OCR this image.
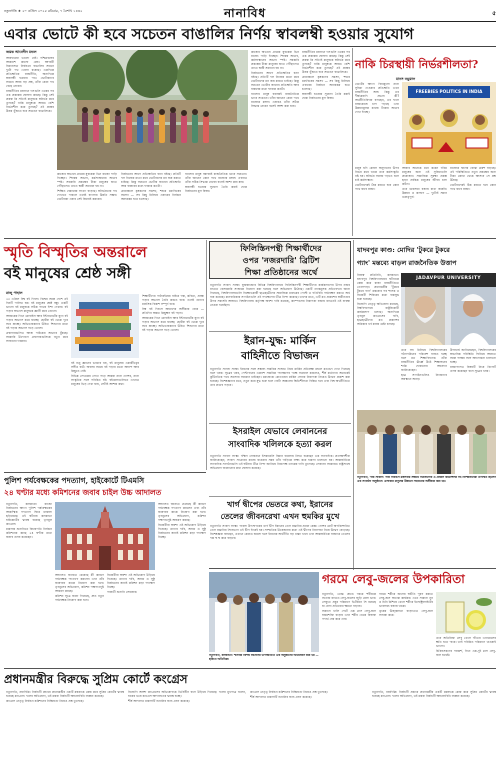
নতুনগতি ★ ২০ এপ্রিল ২০২৫ রবিবার, ৭ বৈশাখ ১৪৩২	নানাবিধ	৫
এবার ভোটে কী হবে সচেতন বাঙালির নির্ণয় স্বাবলম্বী হওয়ার সুযোগ
জয়ন্ত আবেদীন মন্ডল

আবহাওয়া ভালো নেই। পশ্চিমবঙ্গের আকাশে কালো মেঘ। আগামী বিধানসভা নির্বাচনে বাঙালির সামনে দুটো পথ খোলা রয়েছে। একদিকে প্রতিশ্রুতির রাজনীতি, অন্যদিকে স্বাবলম্বী হওয়ার পথ। ভোটারদের সামনে আজ বড় প্রশ্ন, তাঁরা কোন পথ বেছে নেবেন।

রাজনীতির ময়দানে দলগুলি একের পর এক প্রকল্পের ঘোষণা করছে। কিন্তু সেই প্রকল্প কি সত্যিই মানুষকে স্বনির্ভর করে তুলছে? নাকি মানুষকে আরও বেশি নির্ভরশীল করে তুলছে? এই প্রশ্নের উত্তর খুঁজতে হবে সচেতন বাঙালিকে।

কাজের অভাবে গ্রামের যুবকেরা ভিন রাজ্যে পাড়ি দিচ্ছেন। শিল্পের অভাব, কর্মসংস্থানের অভাব স্পষ্ট। সরকারি প্রকল্পের টাকা মানুষের হাতে পৌঁছালেও তাতে স্থায়ী সমাধান হয় না।

শিক্ষিত বেকারের সংখ্যা বাড়ছে। স্বনির্ভরতার পথ দেখাতে পারলে তবেই বাংলার উন্নতি সম্ভব। ভোটাররা এবার সেই বিচারই করবেন।

নির্বাচনের আগে প্রতিশ্রুতির বন্যা বইছে। প্রতিটি দল নিজের মতো করে ভোটারদের মন জয় করতে চাইছে। কিন্তু সচেতন ভোটার জানেন প্রতিশ্রুতি আর বাস্তবের মধ্যে ফারাক কতটা।

গ্রামাঞ্চলে কৃষকদের সমস্যা, শহরে মধ্যবিত্তের সমস্যা — সব কিছু মিলিয়ে এবারের নির্বাচন অন্যরকম হতে চলেছে।

বাংলার মানুষ বরাবরই রাজনৈতিক ভাবে সচেতন। তাঁরা জানেন কোন পথে রাজ্যের মঙ্গল। এবারও তাঁরা সঠিক সিদ্ধান্ত নেবেন বলেই আশা করা যায়।

স্বাবলম্বী হওয়ার সুযোগ তৈরি করাই হোক নির্বাচনের মূল বিষয়।

কাজের অভাবে গ্রামের যুবকেরা ভিন রাজ্যে পাড়ি দিচ্ছেন। শিল্পের অভাব, কর্মসংস্থানের অভাব স্পষ্ট। সরকারি প্রকল্পের টাকা মানুষের হাতে পৌঁছালেও তাতে স্থায়ী সমাধান হয় না।

নির্বাচনের আগে প্রতিশ্রুতির বন্যা বইছে। প্রতিটি দল নিজের মতো করে ভোটারদের মন জয় করতে চাইছে। কিন্তু সচেতন ভোটার জানেন প্রতিশ্রুতি আর বাস্তবের মধ্যে ফারাক কতটা।

বাংলার মানুষ বরাবরই রাজনৈতিক ভাবে সচেতন। তাঁরা জানেন কোন পথে রাজ্যের মঙ্গল। এবারও তাঁরা সঠিক সিদ্ধান্ত নেবেন বলেই আশা করা যায়।

রাজনীতির ময়দানে দলগুলি একের পর এক প্রকল্পের ঘোষণা করছে। কিন্তু সেই প্রকল্প কি সত্যিই মানুষকে স্বনির্ভর করে তুলছে? নাকি মানুষকে আরও বেশি নির্ভরশীল করে তুলছে? এই প্রশ্নের উত্তর খুঁজতে হবে সচেতন বাঙালিকে।

গ্রামাঞ্চলে কৃষকদের সমস্যা, শহরে মধ্যবিত্তের সমস্যা — সব কিছু মিলিয়ে এবারের নির্বাচন অন্যরকম হতে চলেছে।

স্বাবলম্বী হওয়ার সুযোগ তৈরি করাই হোক নির্বাচনের মূল বিষয়।

নাকি চিরস্থায়ী নির্ভরশীলতা?
মানস বড়ুয়াল

ভোটের আগে বিনামূল্যে নানা সুবিধা দেওয়ার প্রতিশ্রুতি এখন রাজনীতির অঙ্গ। কিন্তু এর দীর্ঘমেয়াদি প্রভাব কী? অর্থনীতিবিদরা বলছেন, এর ফলে রাজকোষে চাপ পড়ছে এবং উন্নয়নমূলক কাজে টাকার অভাব দেখা দিচ্ছে।

FREEBIES POLITICS IN INDIA

মানুষ যদি কেবল অনুদানের উপর নির্ভর করে থাকে তবে কর্মসংস্কৃতি নষ্ট হয়। স্বনির্ভর সমাজ গড়তে হলে চাই কর্মসংস্থান।

ভোটারদেরই ঠিক করতে হবে কোন পথে যাবে রাজ্য।

আবার অনেকে মনে করেন দরিদ্র মানুষের জন্য এই সুবিধাগুলি প্রয়োজন। সামাজিক সুরক্ষা প্রকল্প ছাড়া প্রান্তিক মানুষের জীবন চলা কঠিন।

তবে ভারসাম্য বজায় রাখা জরুরি। উন্নয়ন ও কল্যাণ — দুটোই সমান গুরুত্বপূর্ণ।

রাজ্যের ঋণের বোঝা ক্রমশ বাড়ছে। এই পরিস্থিতিতে নতুন প্রকল্পের জন্য টাকা কোথা থেকে আসবে সে প্রশ্ন উঠছে।

ভোটারদেরই ঠিক করতে হবে কোন পথে যাবে রাজ্য।

স্মৃতি বিস্মৃতির অন্তরালে
বই মানুষের শ্রেষ্ঠ সঙ্গী
রাজু পাহাল

২৩ এপ্রিল বিশ্ব বই দিবস। বিশ্বের সমস্ত দেশে এই দিনটি পালিত হয়। বই মানুষের শ্রেষ্ঠ বন্ধু। একটি ভালো বই মানুষকে সঠিক পথের দিশা দেখায়। বই পড়ার অভ্যাস মানুষকে জ্ঞানী করে তোলে।

আজকের দিনে মোবাইল আর ইন্টারনেটের যুগে বই পড়ার অভ্যাস কমে যাচ্ছে। ছোটরা বই থেকে দূরে সরে যাচ্ছে। অভিভাবকদের উচিত শিশুদের মধ্যে বই পড়ার অভ্যাস গড়ে তোলা।

গ্রন্থাগারগুলিও আজ পাঠকের অভাবে ধুঁকছে। সরকারি উদ্যোগে গ্রন্থাগারগুলিকে নতুন করে সাজানো দরকার।

বই শুধু জ্ঞানের ভাণ্ডার নয়, বই মানুষের একাকীত্বের সঙ্গীও বটে। অবসর সময়ে বই পড়ার মতো আনন্দ আর কিছুতে নেই।

বিভিন্ন লেখকের লেখা পড়ে আমরা নানা দেশের, নানা সংস্কৃতির সঙ্গে পরিচিত হই। বইমেলাগুলিতে এখনও মানুষের ভিড় দেখা যায়, সেটাই আশার কথা।

শিক্ষার্থীদের পাঠ্যবইয়ের বাইরে গল্প, কবিতা, প্রবন্ধ পড়ার অভ্যাস তৈরি করতে হবে। তবেই তাদের মানসিক বিকাশ সম্পূর্ণ হবে।

বিশ্ব বই দিবসে আমাদের অঙ্গীকার হোক — প্রতিদিন অন্তত কিছুক্ষণ বই পড়ব।

আজকের দিনে মোবাইল আর ইন্টারনেটের যুগে বই পড়ার অভ্যাস কমে যাচ্ছে। ছোটরা বই থেকে দূরে সরে যাচ্ছে। অভিভাবকদের উচিত শিশুদের মধ্যে বই পড়ার অভ্যাস গড়ে তোলা।

ফিলিস্তিনপন্থী শিক্ষার্থীদের
ওপর 'নজরদারি' ব্রিটিশ
শিক্ষা প্রতিষ্ঠানের অর্থে
নতুনগতি সংবাদ সংস্থা: যুক্তরাজ্যের বিভিন্ন বিশ্ববিদ্যালয়ে ফিলিস্তিনপন্থী শিক্ষার্থীদের কার্যকলাপের উপর নজর রাখতে বেসরকারি সংস্থাকে নিয়োগ করা হয়েছে বলে অভিযোগ উঠেছে। একটি তদন্তমূলক প্রতিবেদনে জানা গিয়েছে, বিশ্ববিদ্যালয়গুলি বিক্ষোভকারী ছাত্রছাত্রীদের সামাজিক মাধ্যমের পোস্ট ও গতিবিধি পর্যবেক্ষণ করতে অর্থ ব্যয় করেছে। মানবাধিকার সংগঠনগুলি এই পদক্ষেপের তীব্র নিন্দা করেছে। তাদের মতে, এটি মত প্রকাশের স্বাধীনতার উপর সরাসরি আঘাত। বিশ্ববিদ্যালয় কর্তৃপক্ষ অবশ্য দাবি করেছে, ক্যাম্পাসের নিরাপত্তা বজায় রাখতেই এই ব্যবস্থা নেওয়া হয়েছিল।
ইরান-যুদ্ধ: মার্কিন
বাহিনীতে বিভাজন
নতুনগতি সংবাদ সংস্থা: ইরানের সঙ্গে সম্ভাব্য সামরিক সংঘাত নিয়ে মার্কিন প্রতিরক্ষা মহলে মতভেদ দেখা দিয়েছে বলে খবর। সূত্রের খবর, পেন্টাগনের একাংশ সামরিক পদক্ষেপের পক্ষে সওয়াল করলেও, শীর্ষ কর্তাদের অনেকেই কূটনৈতিক পথে সমস্যার সমাধান চাইছেন। মধ্যপ্রাচ্যে মোতায়েন মার্কিন সেনার নিরাপত্তা নিয়েও উদ্বেগ প্রকাশ করা হয়েছে। বিশেষজ্ঞদের মতে, নতুন করে যুদ্ধ শুরু হলে গোটা অঞ্চলের স্থিতিশীলতা বিঘ্নিত হবে এবং বিশ্ব অর্থনীতিতে তার প্রভাব পড়বে।
ইসরাইল যেভাবে লেবাননের
সাংবাদিক খলিলকে হত্যা করল
নতুনগতি সংবাদ সংস্থা: দক্ষিণ লেবাননে ইসরায়েলি বিমান হামলায় নিহত হয়েছেন এক সাংবাদিক। প্রত্যক্ষদর্শীরা জানিয়েছেন, সংবাদ সংগ্রহের কাজে যাওয়ার সময় তাঁর গাড়িকে লক্ষ্য করে হামলা চালানো হয়। আন্তর্জাতিক সাংবাদিক সংগঠনগুলি এই ঘটনার তীব্র নিন্দা জানিয়ে নিরপেক্ষ তদন্তের দাবি তুলেছে। লেবানন সরকারও রাষ্ট্রসংঘে অভিযোগ জানানোর কথা ঘোষণা করেছে।
যাদবপুর কাণ্ড: মোদির 'টুকরে টুকরে
গ্যাং' মন্তব্যে বাড়ল রাজনৈতিক উত্তাপ

নিজস্ব প্রতিনিধি, কলকাতা: যাদবপুর বিশ্ববিদ্যালয়ের ঘটনাকে কেন্দ্র করে রাজ্য রাজনীতিতে তোলপাড়। প্রধানমন্ত্রীর 'টুকরে টুকরে গ্যাং' মন্তব্যের পর শাসক ও বিরোধী শিবিরের মধ্যে বাকযুদ্ধ শুরু হয়েছে।

বিজেপি নেতৃত্ব অভিযোগ করেছে, বিশ্ববিদ্যালয়ে রাষ্ট্রবিরোধী কার্যকলাপ চলছে। অন্যদিকে তৃণমূল কংগ্রেসের দাবি, ছাত্রছাত্রীদের মত প্রকাশের অধিকার খর্ব করার চেষ্টা চলছে।

JADAVPUR UNIVERSITY

তবে সব মিলিয়ে বিশ্ববিদ্যালয়ের পঠনপাঠনের পরিবেশ ব্যাহত হচ্ছে বলে মত শিক্ষাবিদদের। তাঁরা রাজনীতির ঊর্ধ্বে উঠে শিক্ষাঙ্গনের শান্তি ফেরানোর আবেদন জানিয়েছেন।

ছাত্র সংগঠনগুলিও নিজেদের অবস্থানে অনড়।

উপাচার্য জানিয়েছেন, বিশ্ববিদ্যালয়ের স্বাভাবিক পরিস্থিতি ফিরিয়ে আনতে সমস্ত পক্ষের সঙ্গে আলোচনা চালানো হচ্ছে।

রাজ্যপালও বিষয়টি নিয়ে রিপোর্ট তলব করেছেন বলে সূত্রের খবর।

নতুনগতি, পার্ক সার্কাস: পার্ক সার্কাসে মঙ্গলবার সন্ধ্যায় সমাজসেবী ও প্রাক্তন কাউন্সিলর সহ বিশিষ্টজনেরা উপস্থিত ছিলেন এক সংবর্ধনা অনুষ্ঠানে। এলাকার মানুষের উন্নয়নে সহায়তার অঙ্গীকার করা হয়।
পুলিশ পর্যবেক্ষকের পদত্যাগ, হাইকোর্টে টিএমসি
২৪ ঘণ্টার মধ্যে কমিশনের জবাব চাইল উচ্চ আদালত

নতুনগতি, কলকাতা: রাজ্যে নির্বাচনের আগে পুলিশ পর্যবেক্ষকের আকস্মিক পদত্যাগ ঘিরে চাঞ্চল্য ছড়িয়েছে। এই ঘটনায় কলকাতা হাইকোর্টের দ্বারস্থ হয়েছে তৃণমূল কংগ্রেস।

মামলার শুনানিতে বিচারপতি নির্বাচন কমিশনের কাছে ২৪ ঘণ্টার মধ্যে জবাব তলব করেছেন।

আদালত জানতে চেয়েছে কী কারণে পর্যবেক্ষক পদত্যাগ করলেন এবং তাঁর জায়গায় কাকে নিয়োগ করা হবে। তৃণমূলের অভিযোগ, কমিশন পক্ষপাতদুষ্ট আচরণ করছে।

কমিশন সূত্রে জানা গিয়েছে, দ্রুত নতুন পর্যবেক্ষক নিয়োগ করা হবে।

বিরোধীরা অবশ্য এই অভিযোগ উড়িয়ে দিয়েছে। তাদের দাবি, অবাধ ও সুষ্ঠু নির্বাচনের জন্যই কমিশন কড়া পদক্ষেপ নিচ্ছে।

পরবর্তী শুনানি সোমবার।

আদালত জানতে চেয়েছে কী কারণে পর্যবেক্ষক পদত্যাগ করলেন এবং তাঁর জায়গায় কাকে নিয়োগ করা হবে। তৃণমূলের অভিযোগ, কমিশন পক্ষপাতদুষ্ট আচরণ করছে।

বিরোধীরা অবশ্য এই অভিযোগ উড়িয়ে দিয়েছে। তাদের দাবি, অবাধ ও সুষ্ঠু নির্বাচনের জন্যই কমিশন কড়া পদক্ষেপ নিচ্ছে।

খার্গ দ্বীপের ভেতরে কথা, ইরানের
তেলের জীবনরেখা এখন হুমকির মুখে
নতুনগতি সংবাদ সংস্থা: পারস্য উপসাগরের খার্গ দ্বীপ ইরানের তেল রপ্তানির প্রধান কেন্দ্র। দেশের মোট অপরিশোধিত তেল রপ্তানির সিংহভাগ এই দ্বীপ দিয়েই হয়। সাম্প্রতিক উত্তেজনার মধ্যে এই দ্বীপের নিরাপত্তা নিয়ে উদ্বেগ বেড়েছে। বিশেষজ্ঞরা বলছেন, এখানে কোনও হামলা হলে ইরানের অর্থনীতি বড় ধাক্কা খাবে এবং আন্তর্জাতিক বাজারে তেলের দাম হু হু করে বাড়বে।
নতুনগতি, কলকাতা: শনিবার বিশিষ্ট জনেদের উপস্থিতিতে এক অনুষ্ঠানের আয়োজন করা হয় — ছবিতে অতিথিরা।
গরমে লেবু-জলের উপকারিতা

নতুনগতি, ডেস্ক: প্রচণ্ড গরমে শরীরকে সতেজ রাখতে লেবু-জলের জুড়ি মেলা ভার। লেবুতে প্রচুর পরিমাণে ভিটামিন সি রয়েছে যা রোগ প্রতিরোধ ক্ষমতা বাড়ায়।

সকালে খালি পেটে এক গ্লাস লেবু-জল হজমশক্তি বাড়ায় এবং শরীর থেকে বিষাক্ত পদার্থ বের করে দেয়।

গরমে শরীরে জলের ঘাটতি পূরণ করতে লেবু-জল অত্যন্ত কার্যকর। এতে সামান্য নুন ও চিনি মিশিয়ে খেলে শরীরে ইলেক্ট্রোলাইটের ভারসাম্য বজায় থাকে।

ত্বকের উজ্জ্বলতা বাড়াতেও লেবু-জল সাহায্য করে।

তবে অতিরিক্ত লেবু খেলে দাঁতের এনামেলের ক্ষতি হতে পারে। তাই পরিমিত পরিমাণে খাওয়াই ভালো।

চিকিৎসকদের পরামর্শ, দিনে এক-দুই গ্লাস লেবু-জল যথেষ্ট।

প্রধানমন্ত্রীর বিরুদ্ধে সুপ্রিম কোর্টে কংগ্রেস

নতুনগতি, নয়াদিল্লি: নির্বাচনী প্রচারে প্রধানমন্ত্রীর একটি মন্তব্যকে কেন্দ্র করে সুপ্রিম কোর্টের দ্বারস্থ হয়েছে কংগ্রেস। দলের অভিযোগ, ওই মন্তব্য নির্বাচনী আচরণবিধি লঙ্ঘন করেছে।

কংগ্রেস নেতৃত্ব নির্বাচন কমিশনের নিষ্ক্রিয়তা নিয়েও প্রশ্ন তুলেছে।

বিজেপি অবশ্য কংগ্রেসের অভিযোগকে ভিত্তিহীন বলে উড়িয়ে দিয়েছে। দলের মুখপাত্র বলেন, হারের ভয়ে কংগ্রেস আদালতের দ্বারস্থ হচ্ছে।

শীর্ষ আদালত মামলাটি শুনানির জন্য গ্রহণ করেছে।

কংগ্রেস নেতৃত্ব নির্বাচন কমিশনের নিষ্ক্রিয়তা নিয়েও প্রশ্ন তুলেছে।

শীর্ষ আদালত মামলাটি শুনানির জন্য গ্রহণ করেছে।

নতুনগতি, নয়াদিল্লি: নির্বাচনী প্রচারে প্রধানমন্ত্রীর একটি মন্তব্যকে কেন্দ্র করে সুপ্রিম কোর্টের দ্বারস্থ হয়েছে কংগ্রেস। দলের অভিযোগ, ওই মন্তব্য নির্বাচনী আচরণবিধি লঙ্ঘন করেছে।
